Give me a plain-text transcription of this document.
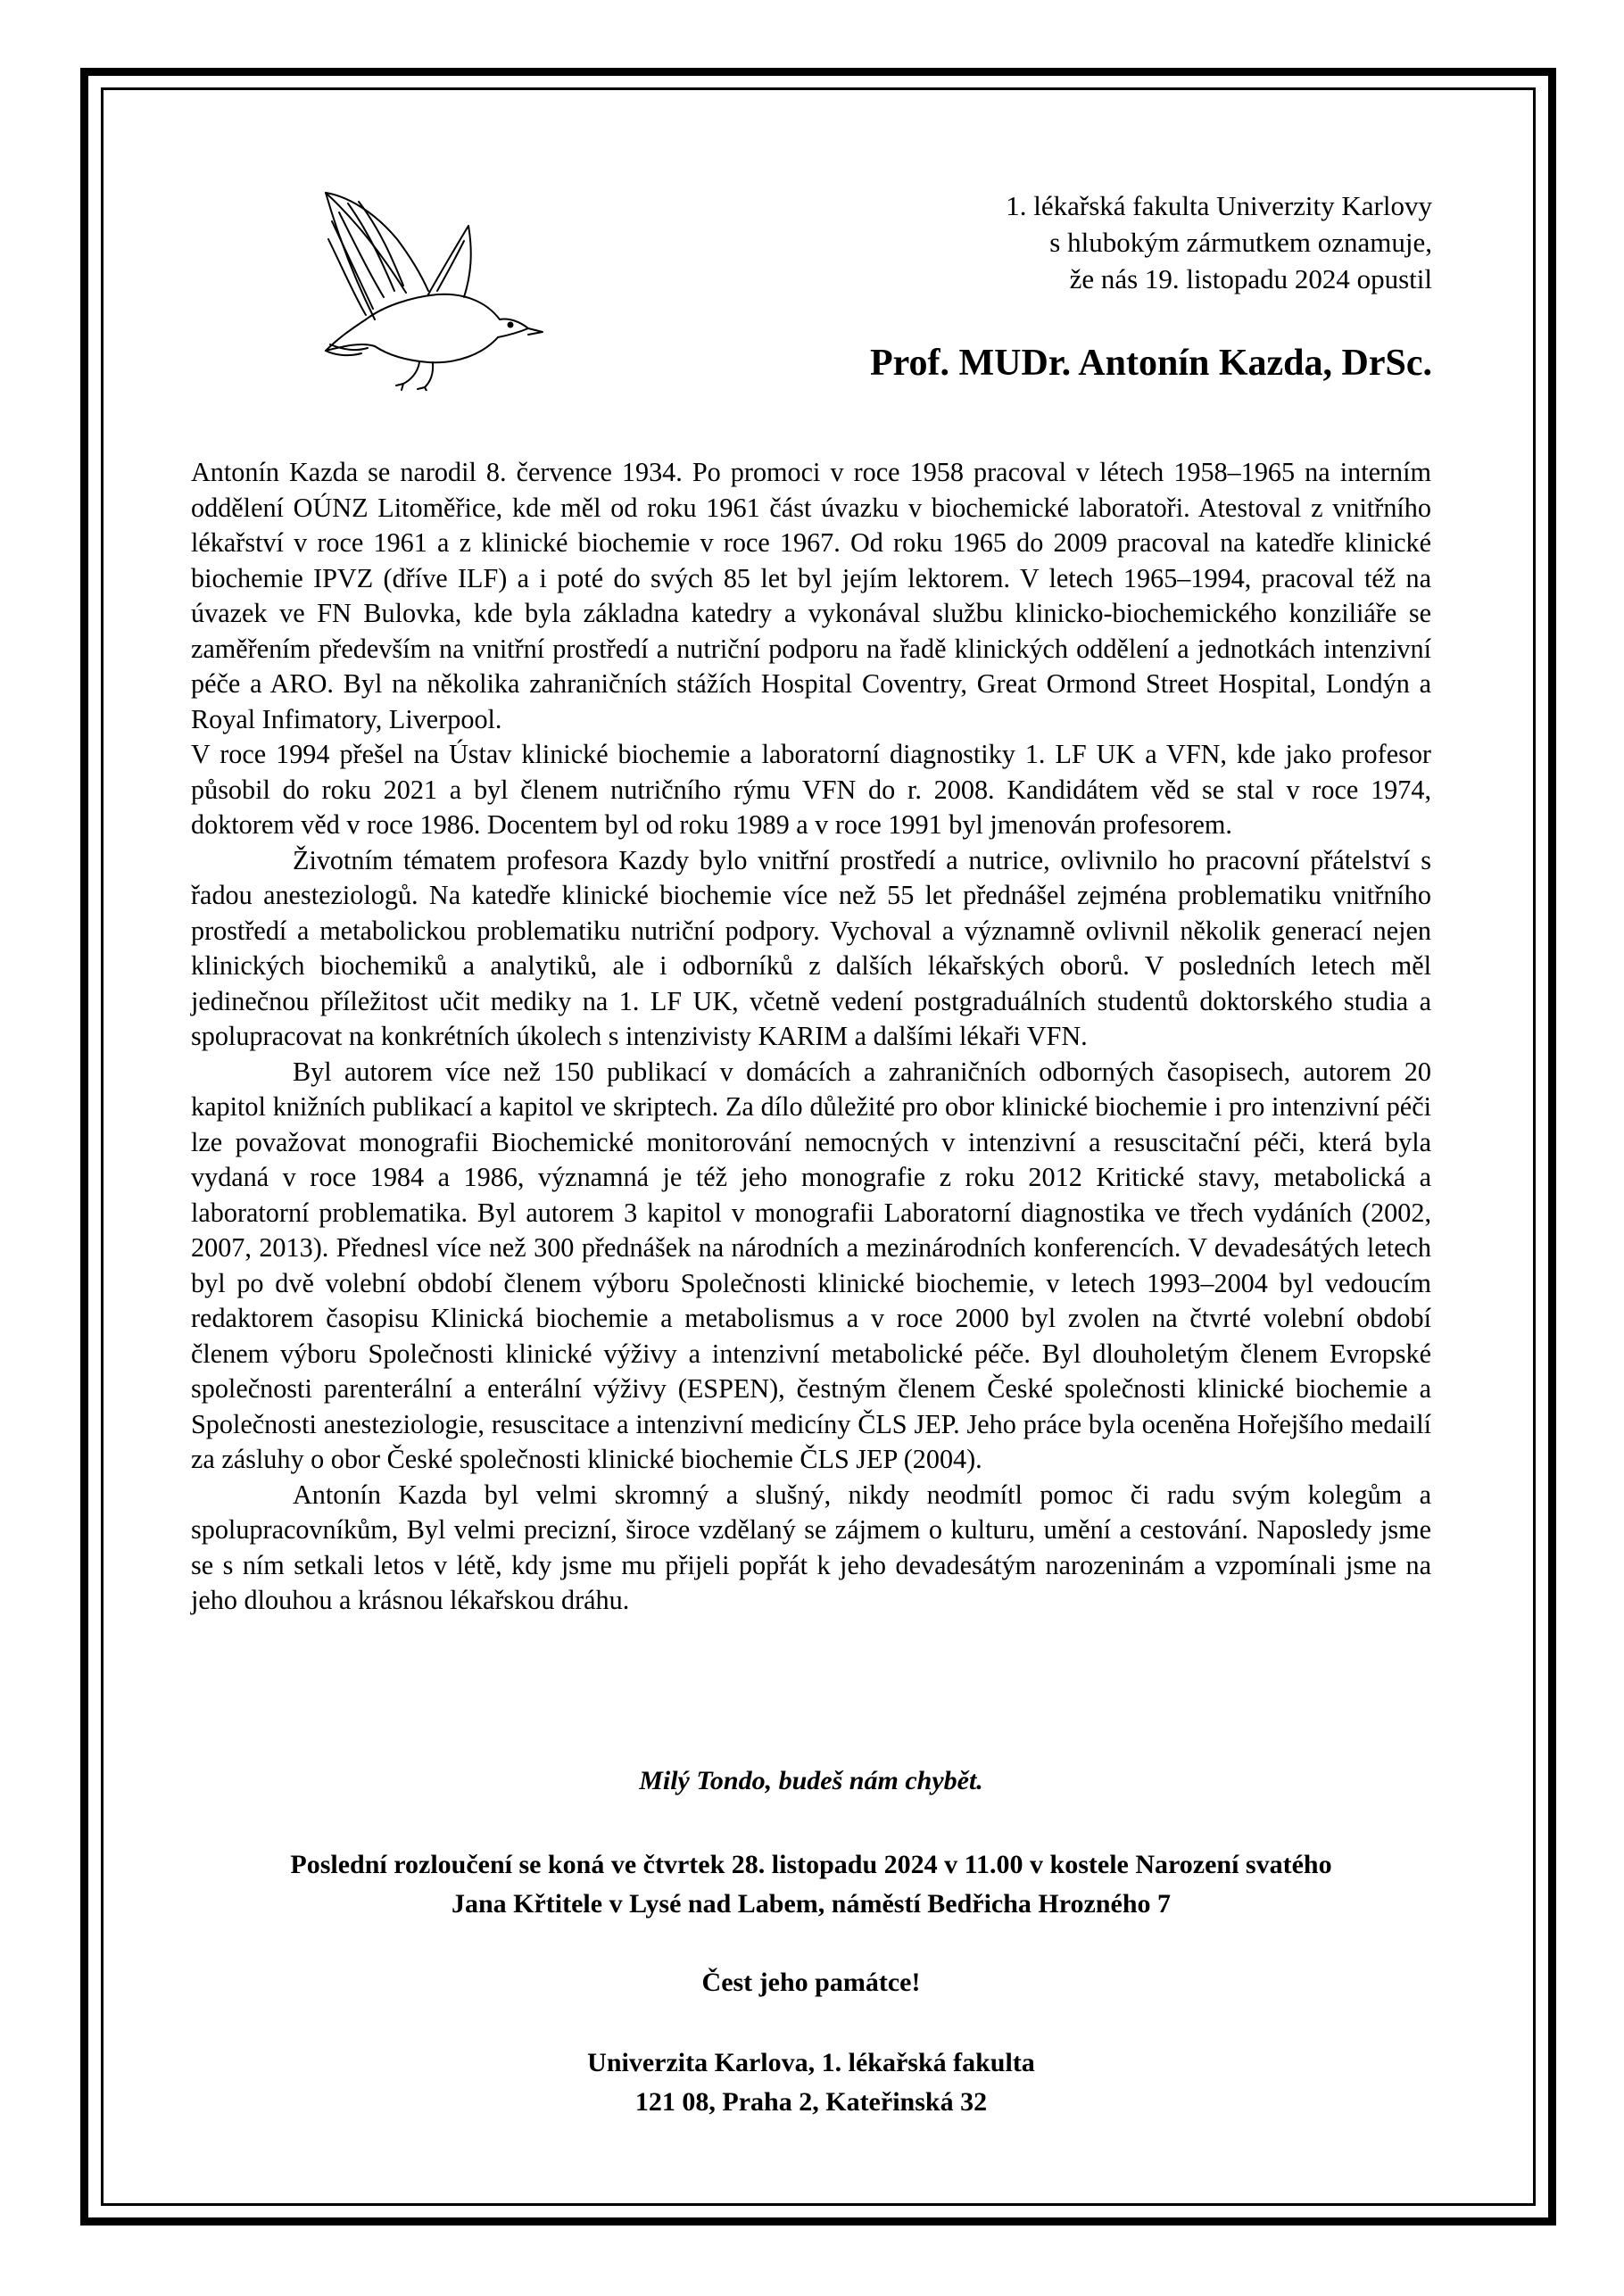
1. lékařská fakulta Univerzity Karlovy
s hlubokým zármutkem oznamuje,
že nás 19. listopadu 2024 opustil
Prof. MUDr. Antonín Kazda, DrSc.

Antonín Kazda se narodil 8. července 1934. Po promoci v roce 1958 pracoval v létech 1958–1965 na interním oddělení OÚNZ Litoměřice, kde měl od roku 1961 část úvazku v biochemické laboratoři. Atestoval z vnitřního lékařství v roce 1961 a z klinické biochemie v roce 1967. Od roku 1965 do 2009 pracoval na katedře klinické biochemie IPVZ (dříve ILF) a i poté do svých 85 let byl jejím lektorem. V letech 1965–1994, pracoval též na úvazek ve FN Bulovka, kde byla základna katedry a vykonával službu klinicko-biochemického konziliáře se zaměřením především na vnitřní prostředí a nutriční podporu na řadě klinických oddělení a jednotkách intenzivní péče a ARO. Byl na několika zahraničních stážích Hospital Coventry, Great Ormond Street Hospital, Londýn a Royal Infimatory, Liverpool.

V roce 1994 přešel na Ústav klinické biochemie a laboratorní diagnostiky 1. LF UK a VFN, kde jako profesor působil do roku 2021 a byl členem nutričního rýmu VFN do r. 2008. Kandidátem věd se stal v roce 1974, doktorem věd v roce 1986. Docentem byl od roku 1989 a v roce 1991 byl jmenován profesorem.

Životním tématem profesora Kazdy bylo vnitřní prostředí a nutrice, ovlivnilo ho pracovní přátelství s řadou anesteziologů. Na katedře klinické biochemie více než 55 let přednášel zejména problematiku vnitřního prostředí a metabolickou problematiku nutriční podpory. Vychoval a významně ovlivnil několik generací nejen klinických biochemiků a analytiků, ale i odborníků z dalších lékařských oborů. V posledních letech měl jedinečnou příležitost učit mediky na 1. LF UK, včetně vedení postgraduálních studentů doktorského studia a spolupracovat na konkrétních úkolech s intenzivisty KARIM a dalšími lékaři VFN.

Byl autorem více než 150 publikací v domácích a zahraničních odborných časopisech, autorem 20 kapitol knižních publikací a kapitol ve skriptech. Za dílo důležité pro obor klinické biochemie i pro intenzivní péči lze považovat monografii Biochemické monitorování nemocných v intenzivní a resuscitační péči, která byla vydaná v roce 1984 a 1986, významná je též jeho monografie z roku 2012 Kritické stavy, metabolická a laboratorní problematika. Byl autorem 3 kapitol v monografii Laboratorní diagnostika ve třech vydáních (2002, 2007, 2013). Přednesl více než 300 přednášek na národních a mezinárodních konferencích. V devadesátých letech byl po dvě volební období členem výboru Společnosti klinické biochemie, v letech 1993–2004 byl vedoucím redaktorem časopisu Klinická biochemie a metabolismus a v roce 2000 byl zvolen na čtvrté volební období členem výboru Společnosti klinické výživy a intenzivní metabolické péče. Byl dlouholetým členem Evropské společnosti parenterální a enterální výživy (ESPEN), čestným členem České společnosti klinické biochemie a Společnosti anesteziologie, resuscitace a intenzivní medicíny ČLS JEP. Jeho práce byla oceněna Hořejšího medailí za zásluhy o obor České společnosti klinické biochemie ČLS JEP (2004).

Antonín Kazda byl velmi skromný a slušný, nikdy neodmítl pomoc či radu svým kolegům a spolupracovníkům, Byl velmi precizní, široce vzdělaný se zájmem o kulturu, umění a cestování. Naposledy jsme se s ním setkali letos v létě, kdy jsme mu přijeli popřát k jeho devadesátým narozeninám a vzpomínali jsme na jeho dlouhou a krásnou lékařskou dráhu.

Milý Tondo, budeš nám chybět.
Poslední rozloučení se koná ve čtvrtek 28. listopadu 2024 v 11.00 v kostele Narození svatého
Jana Křtitele v Lysé nad Labem, náměstí Bedřicha Hrozného 7
Čest jeho památce!
Univerzita Karlova, 1. lékařská fakulta
121 08, Praha 2, Kateřinská 32
